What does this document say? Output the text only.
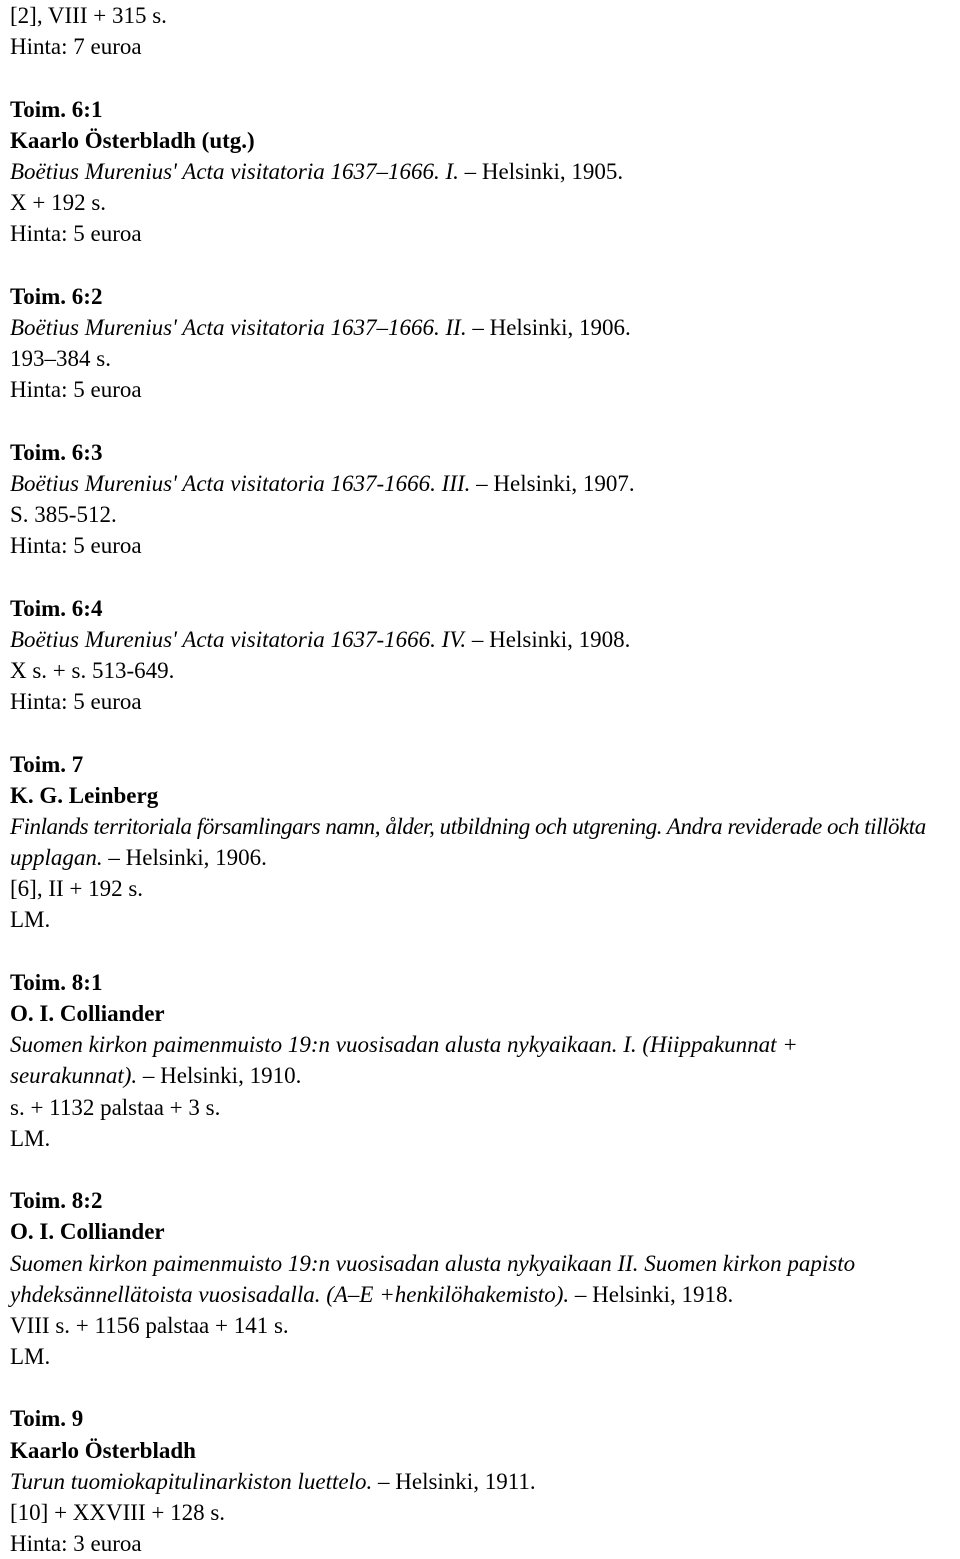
[2], VIII + 315 s.
Hinta: 7 euroa
Toim. 6:1
Kaarlo Österbladh (utg.)
Boëtius Murenius' Acta visitatoria 1637–1666. I. – Helsinki, 1905.
X + 192 s.
Hinta: 5 euroa
Toim. 6:2
Boëtius Murenius' Acta visitatoria 1637–1666. II. – Helsinki, 1906.
193–384 s.
Hinta: 5 euroa
Toim. 6:3
Boëtius Murenius' Acta visitatoria 1637-1666. III. – Helsinki, 1907.
S. 385-512.
Hinta: 5 euroa
Toim. 6:4
Boëtius Murenius' Acta visitatoria 1637-1666. IV. – Helsinki, 1908.
X s. + s. 513-649.
Hinta: 5 euroa
Toim. 7
K. G. Leinberg
Finlands territoriala församlingars namn, ålder, utbildning och utgrening. Andra reviderade och tillökta
upplagan. – Helsinki, 1906.
[6], II + 192 s.
LM.
Toim. 8:1
O. I. Colliander
Suomen kirkon paimenmuisto 19:n vuosisadan alusta nykyaikaan. I. (Hiippakunnat +
seurakunnat). – Helsinki, 1910.
s. + 1132 palstaa + 3 s.
LM.
Toim. 8:2
O. I. Colliander
Suomen kirkon paimenmuisto 19:n vuosisadan alusta nykyaikaan II. Suomen kirkon papisto
yhdeksännellätoista vuosisadalla. (A–E +henkilöhakemisto). – Helsinki, 1918.
VIII s. + 1156 palstaa + 141 s.
LM.
Toim. 9
Kaarlo Österbladh
Turun tuomiokapitulinarkiston luettelo. – Helsinki, 1911.
[10] + XXVIII + 128 s.
Hinta: 3 euroa
